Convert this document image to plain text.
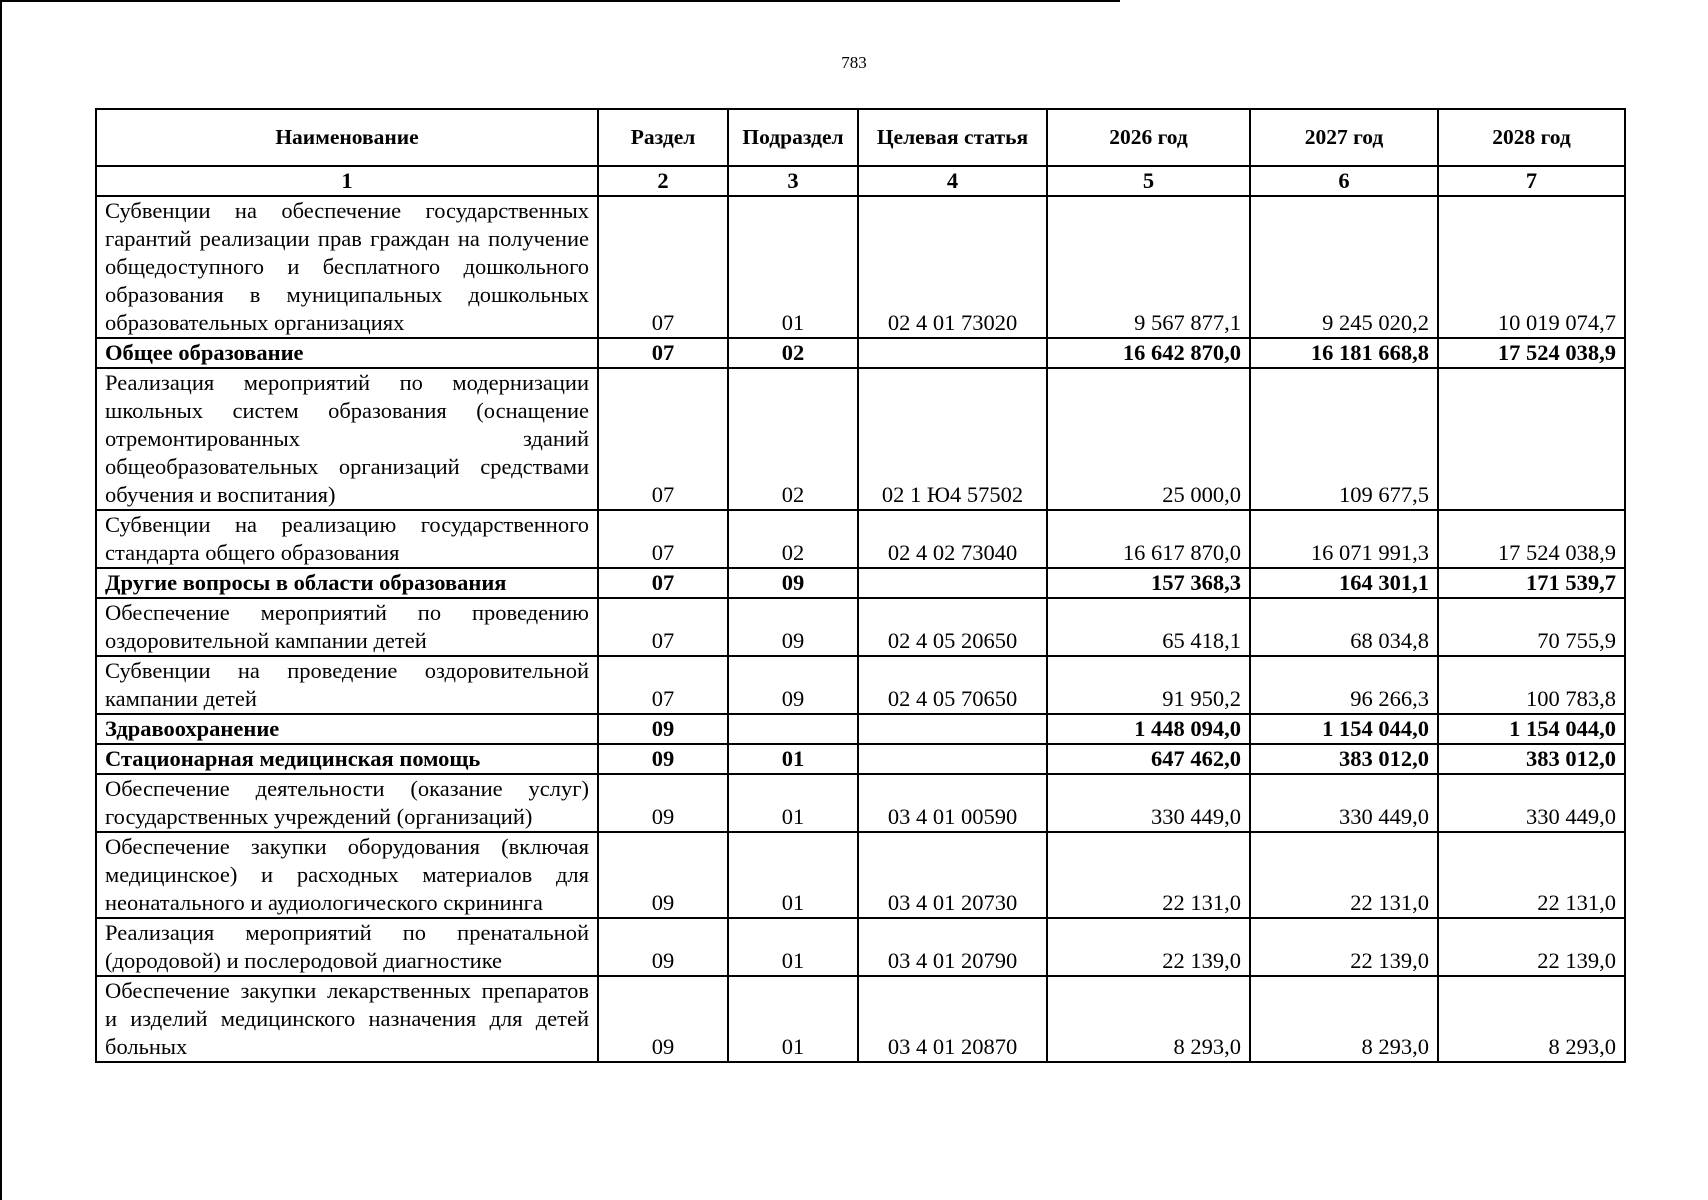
783
Наименование	Раздел	Подраздел	Целевая статья	2026 год	2027 год	2028 год
1	2	3	4	5	6	7
Субвенции на обеспечение государственных гарантий реализации прав граждан на получение общедоступного и бесплатного дошкольного образования в муниципальных дошкольных образовательных организациях	07	01	02 4 01 73020	9 567 877,1	9 245 020,2	10 019 074,7
Общее образование	07	02		16 642 870,0	16 181 668,8	17 524 038,9
Реализация мероприятий по модернизации школьных систем образования (оснащение отремонтированных зданий общеобразовательных организаций средствами обучения и воспитания)	07	02	02 1 Ю4 57502	25 000,0	109 677,5	
Субвенции на реализацию государственного стандарта общего образования	07	02	02 4 02 73040	16 617 870,0	16 071 991,3	17 524 038,9
Другие вопросы в области образования	07	09		157 368,3	164 301,1	171 539,7
Обеспечение мероприятий по проведению оздоровительной кампании детей	07	09	02 4 05 20650	65 418,1	68 034,8	70 755,9
Субвенции на проведение оздоровительной кампании детей	07	09	02 4 05 70650	91 950,2	96 266,3	100 783,8
Здравоохранение	09			1 448 094,0	1 154 044,0	1 154 044,0
Стационарная медицинская помощь	09	01		647 462,0	383 012,0	383 012,0
Обеспечение деятельности (оказание услуг) государственных учреждений (организаций)	09	01	03 4 01 00590	330 449,0	330 449,0	330 449,0
Обеспечение закупки оборудования (включая медицинское) и расходных материалов для неонатального и аудиологического скрининга	09	01	03 4 01 20730	22 131,0	22 131,0	22 131,0
Реализация мероприятий по пренатальной (дородовой) и послеродовой диагностике	09	01	03 4 01 20790	22 139,0	22 139,0	22 139,0
Обеспечение закупки лекарственных препаратов и изделий медицинского назначения для детей больных	09	01	03 4 01 20870	8 293,0	8 293,0	8 293,0
